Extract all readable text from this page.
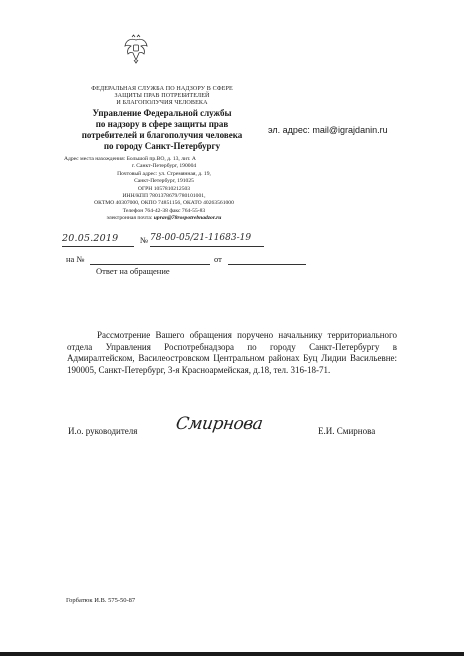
ФЕДЕРАЛЬНАЯ СЛУЖБА ПО НАДЗОРУ В СФЕРЕ
ЗАЩИТЫ ПРАВ ПОТРЕБИТЕЛЕЙ
И БЛАГОПОЛУЧИЯ ЧЕЛОВЕКА
Управление Федеральной службы
по надзору в сфере защиты прав
потребителей и благополучия человека
по городу Санкт-Петербургу
Адрес места нахождения: Большой пр.ВО, д. 13, лит. А
г. Санкт-Петербург, 190004
Почтовый адрес: ул. Стремянная, д. 19,
Санкт-Петербург, 191025
ОГРН 1057810212503
ИНН/КПП 7801378679/780101001,
ОКТМО 40307000, ОКПО 74851156, ОКАТО 40263561000
Телефон 764-42-38 факс 764-55-83
электронная почта: uprav@78rospotrebnadzor.ru
эл. адрес: mail@igrajdanin.ru
20.05.2019	№ 78-00-05/21-11683-19
на №	от
Ответ на обращение
Рассмотрение Вашего обращения поручено начальнику территориального отдела Управления Роспотребнадзора по городу Санкт-Петербургу в Адмиралтейском, Василеостровском Центральном районах Буц Лидии Васильевне: 190005, Санкт-Петербург, 3-я Красноармейская, д.18, тел. 316-18-71.
И.о. руководителя Смирнова	Е.И. Смирнова
Горбатюк И.В. 575-50-87
